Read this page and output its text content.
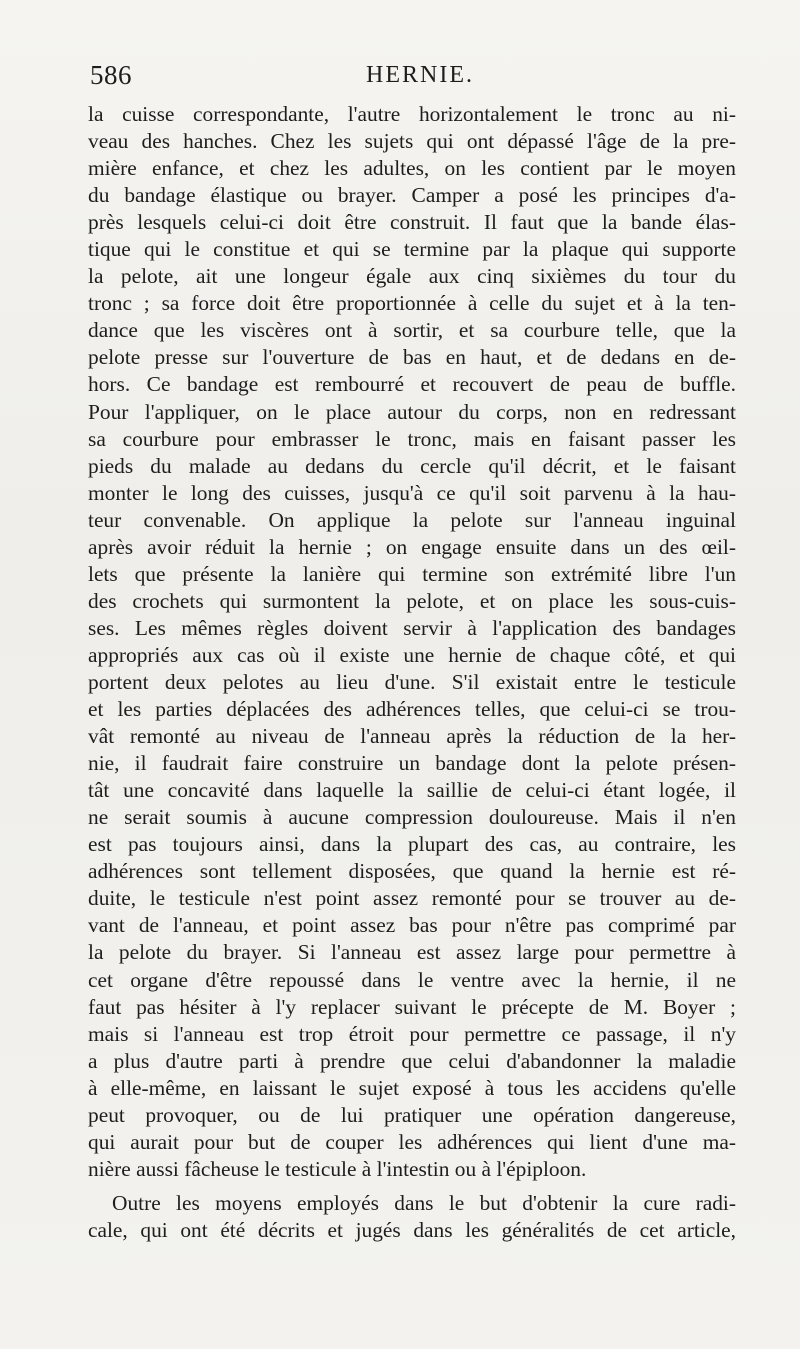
586	HERNIE.
la cuisse correspondante, l'autre horizontalement le tronc au ni-
veau des hanches. Chez les sujets qui ont dépassé l'âge de la pre-
mière enfance, et chez les adultes, on les contient par le moyen
du bandage élastique ou brayer. Camper a posé les principes d'a-
près lesquels celui-ci doit être construit. Il faut que la bande élas-
tique qui le constitue et qui se termine par la plaque qui supporte
la pelote, ait une longeur égale aux cinq sixièmes du tour du
tronc ; sa force doit être proportionnée à celle du sujet et à la ten-
dance que les viscères ont à sortir, et sa courbure telle, que la
pelote presse sur l'ouverture de bas en haut, et de dedans en de-
hors. Ce bandage est rembourré et recouvert de peau de buffle.
Pour l'appliquer, on le place autour du corps, non en redressant
sa courbure pour embrasser le tronc, mais en faisant passer les
pieds du malade au dedans du cercle qu'il décrit, et le faisant
monter le long des cuisses, jusqu'à ce qu'il soit parvenu à la hau-
teur convenable. On applique la pelote sur l'anneau inguinal
après avoir réduit la hernie ; on engage ensuite dans un des œil-
lets que présente la lanière qui termine son extrémité libre l'un
des crochets qui surmontent la pelote, et on place les sous-cuis-
ses. Les mêmes règles doivent servir à l'application des bandages
appropriés aux cas où il existe une hernie de chaque côté, et qui
portent deux pelotes au lieu d'une. S'il existait entre le testicule
et les parties déplacées des adhérences telles, que celui-ci se trou-
vât remonté au niveau de l'anneau après la réduction de la her-
nie, il faudrait faire construire un bandage dont la pelote présen-
tât une concavité dans laquelle la saillie de celui-ci étant logée, il
ne serait soumis à aucune compression douloureuse. Mais il n'en
est pas toujours ainsi, dans la plupart des cas, au contraire, les
adhérences sont tellement disposées, que quand la hernie est ré-
duite, le testicule n'est point assez remonté pour se trouver au de-
vant de l'anneau, et point assez bas pour n'être pas comprimé par
la pelote du brayer. Si l'anneau est assez large pour permettre à
cet organe d'être repoussé dans le ventre avec la hernie, il ne
faut pas hésiter à l'y replacer suivant le précepte de M. Boyer ;
mais si l'anneau est trop étroit pour permettre ce passage, il n'y
a plus d'autre parti à prendre que celui d'abandonner la maladie
à elle-même, en laissant le sujet exposé à tous les accidens qu'elle
peut provoquer, ou de lui pratiquer une opération dangereuse,
qui aurait pour but de couper les adhérences qui lient d'une ma-
nière aussi fâcheuse le testicule à l'intestin ou à l'épiploon.
Outre les moyens employés dans le but d'obtenir la cure radi-
cale, qui ont été décrits et jugés dans les généralités de cet article,
